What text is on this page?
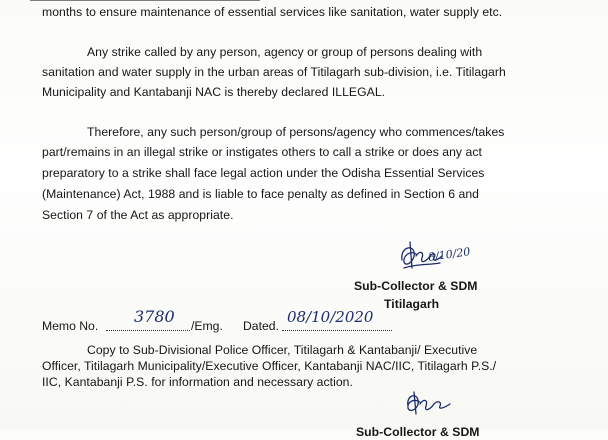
months to ensure maintenance of essential services like sanitation, water supply etc.
Any strike called by any person, agency or group of persons dealing with
sanitation and water supply in the urban areas of Titilagarh sub-division, i.e. Titilagarh
Municipality and Kantabanji NAC is thereby declared ILLEGAL.
Therefore, any such person/group of persons/agency who commences/takes
part/remains in an illegal strike or instigates others to call a strike or does any act
preparatory to a strike shall face legal action under the Odisha Essential Services
(Maintenance) Act, 1988 and is liable to face penalty as defined in Section 6 and
Section 7 of the Act as appropriate.
8/10/20
Sub-Collector & SDM
Titilagarh
Memo No. 3780 /Emg. Dated. 08/10/2020
Copy to Sub-Divisional Police Officer, Titilagarh & Kantabanji/ Executive
Officer, Titilagarh Municipality/Executive Officer, Kantabanji NAC/IIC, Titilagarh P.S./
IIC, Kantabanji P.S. for information and necessary action.
Sub-Collector & SDM
